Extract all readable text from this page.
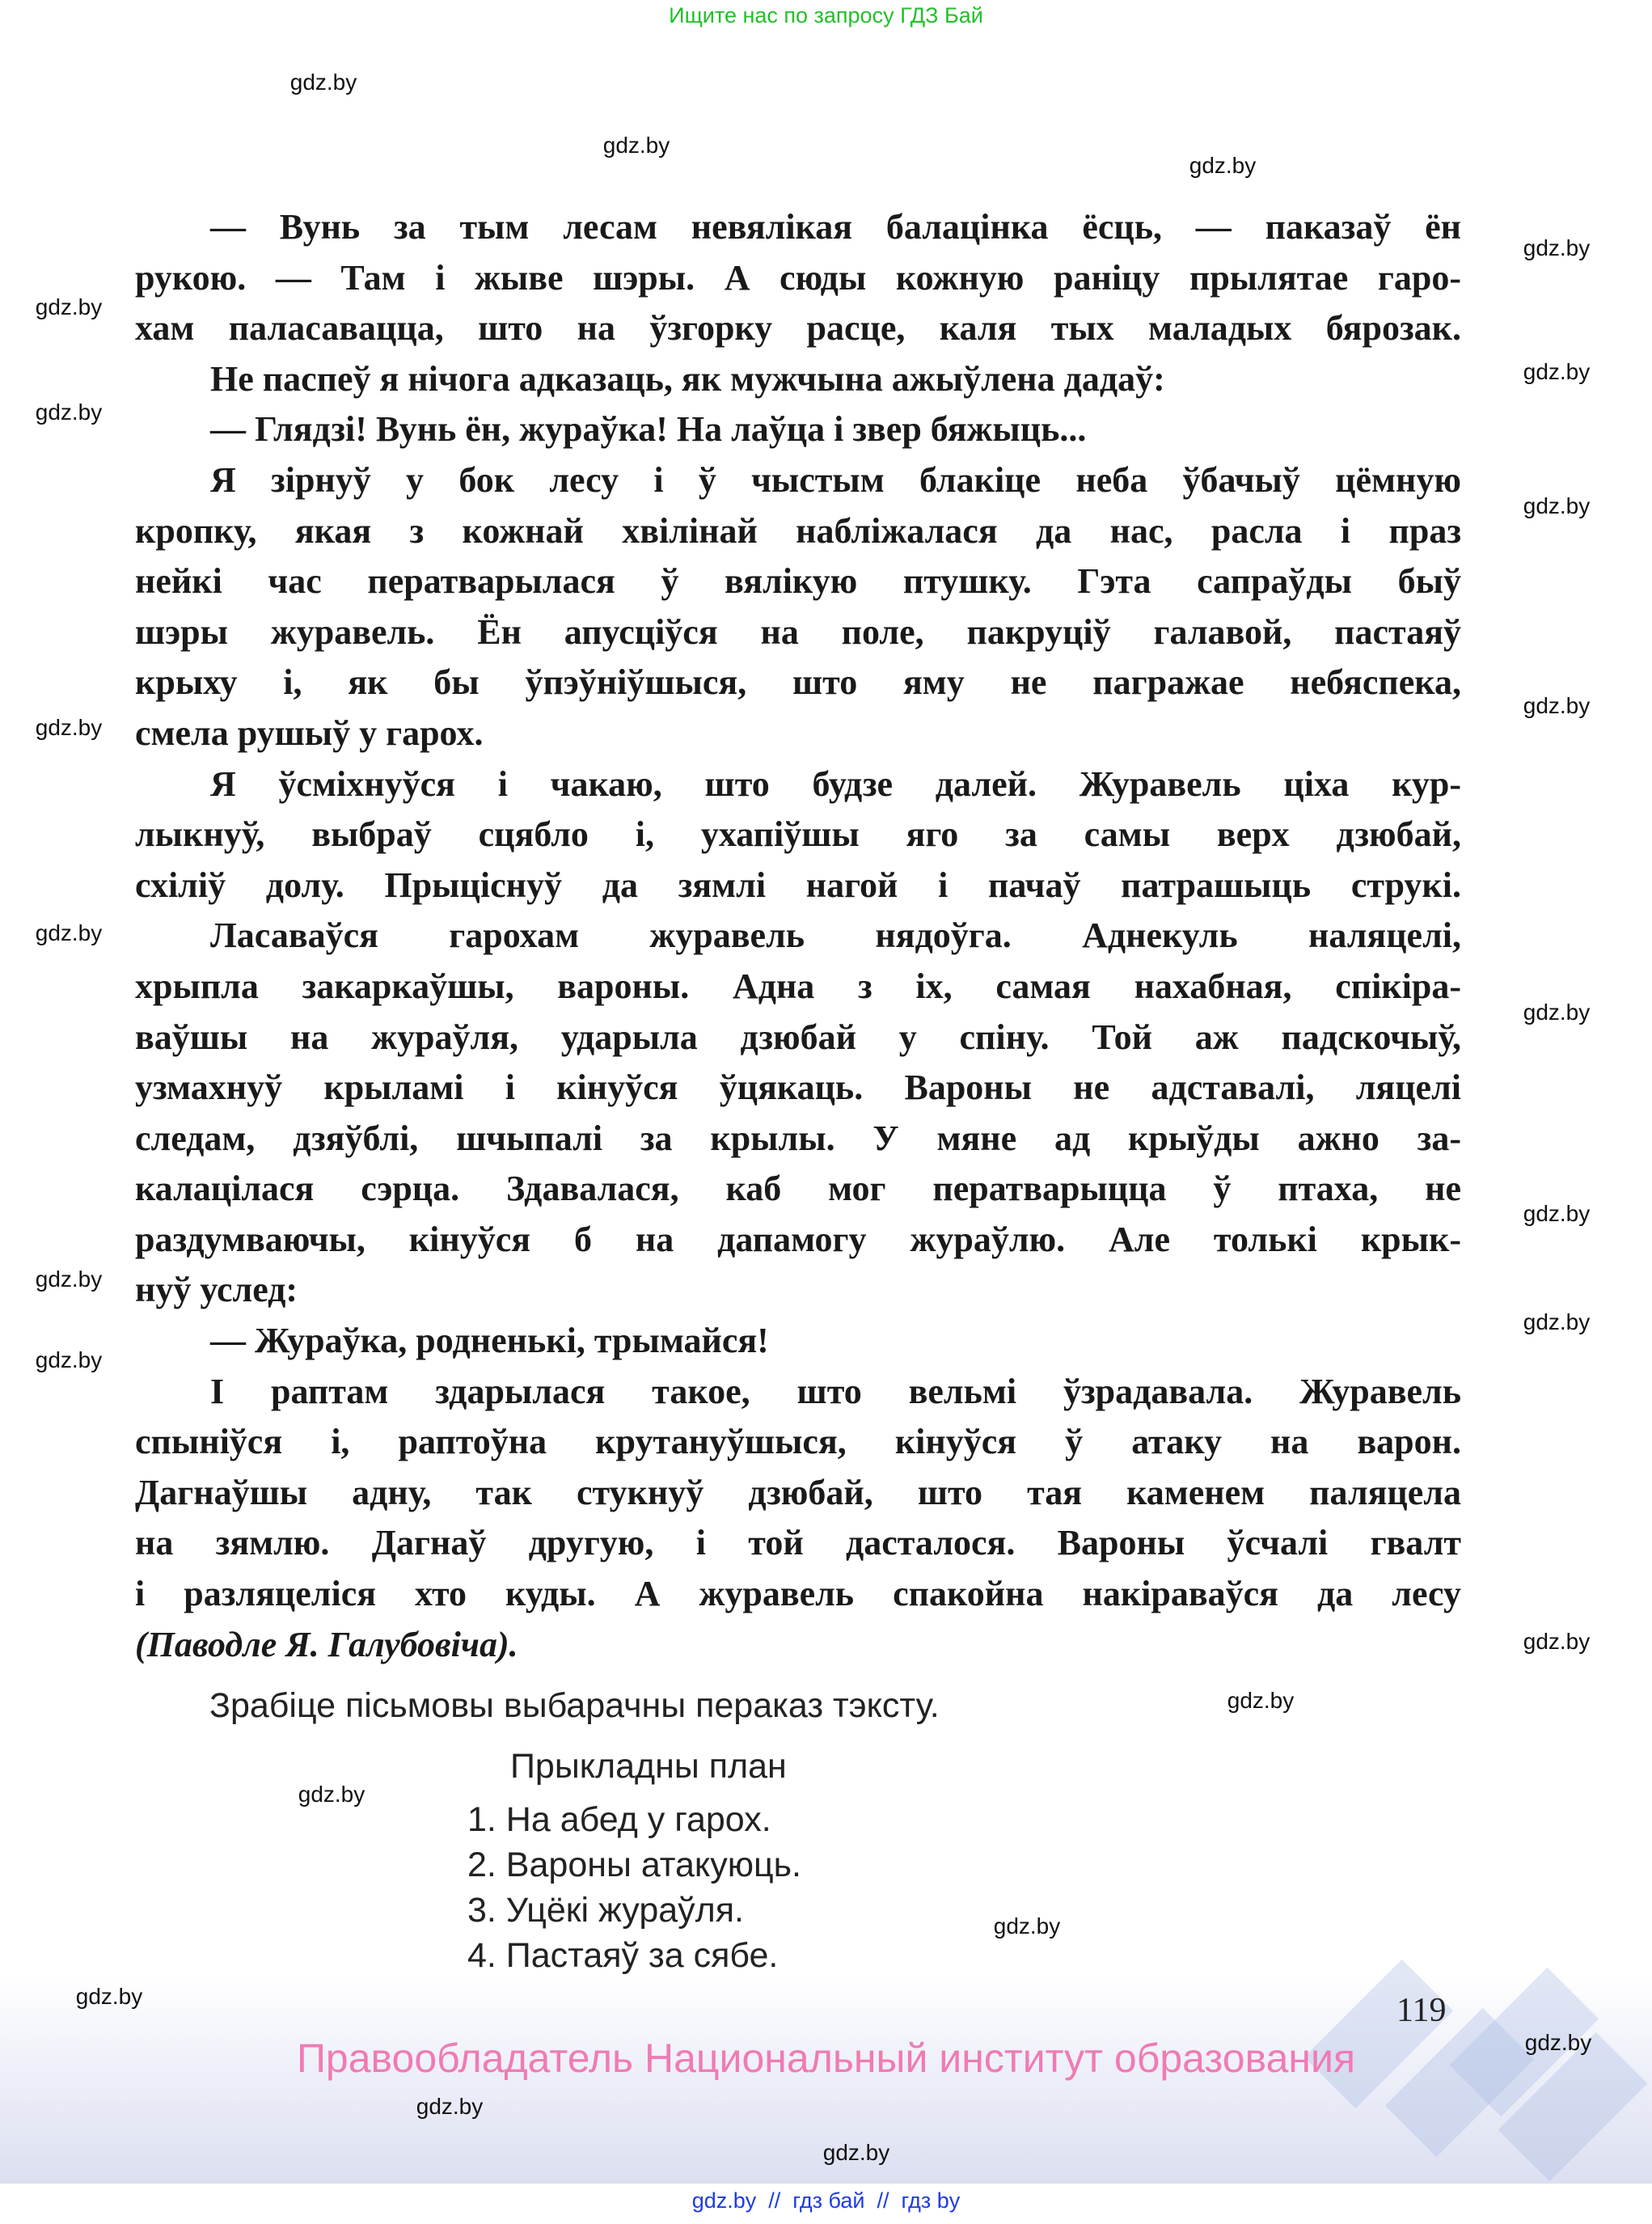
Ищите нас по запросу ГДЗ Бай
— Вунь за тым лесам невялікая балацінка ёсць, — паказаў ён
рукою. — Там і жыве шэры. А сюды кожную раніцу прылятае гаро-
хам паласавацца, што на ўзгорку расце, каля тых маладых бярозак.
Не паспеў я нічога адказаць, як мужчына ажыўлена дадаў:
— Глядзі! Вунь ён, жураўка! На лаўца і звер бяжыць...
Я зірнуў у бок лесу і ў чыстым блакіце неба ўбачыў цёмную
кропку, якая з кожнай хвілінай набліжалася да нас, расла і праз
нейкі час ператварылася ў вялікую птушку. Гэта сапраўды быў
шэры журавель. Ён апусціўся на поле, пакруціў галавой, пастаяў
крыху і, як бы ўпэўніўшыся, што яму не пагражае небяспека,
смела рушыў у гарох.
Я ўсміхнуўся і чакаю, што будзе далей. Журавель ціха кур-
лыкнуў, выбраў сцябло і, ухапіўшы яго за самы верх дзюбай,
схіліў долу. Прыціснуў да зямлі нагой і пачаў патрашыць струкі.
Ласаваўся гарохам журавель нядоўга. Аднекуль наляцелі,
хрыпла закаркаўшы, вароны. Адна з іх, самая нахабная, спікіра-
ваўшы на жураўля, ударыла дзюбай у спіну. Той аж падскочыў,
узмахнуў крыламі і кінуўся ўцякаць. Вароны не адставалі, ляцелі
следам, дзяўблі, шчыпалі за крылы. У мяне ад крыўды ажно за-
калацілася сэрца. Здавалася, каб мог ператварыцца ў птаха, не
раздумваючы, кінуўся б на дапамогу жураўлю. Але толькі крык-
нуў услед:
— Жураўка, родненькі, трымайся!
І раптам здарылася такое, што вельмі ўзрадавала. Журавель
спыніўся і, раптоўна крутануўшыся, кінуўся ў атаку на варон.
Дагнаўшы адну, так стукнуў дзюбай, што тая каменем паляцела
на зямлю. Дагнаў другую, і той дасталося. Вароны ўсчалі гвалт
і разляцеліся хто куды. А журавель спакойна накіраваўся да лесу
(Паводле Я. Галубовіча).
Зрабіце пісьмовы выбарачны пераказ тэксту.
Прыкладны план
1. На абед у гарох.
2. Вароны атакуюць.
3. Уцёкі жураўля.
4. Пастаяў за сябе.
119
Правообладатель Национальный институт образования
gdz.by  //  гдз бай  //  гдз by
gdz.by
gdz.by
gdz.by
gdz.by
gdz.by
gdz.by
gdz.by
gdz.by
gdz.by
gdz.by
gdz.by
gdz.by
gdz.by
gdz.by
gdz.by
gdz.by
gdz.by
gdz.by
gdz.by
gdz.by
gdz.by
gdz.by
gdz.by
gdz.by
